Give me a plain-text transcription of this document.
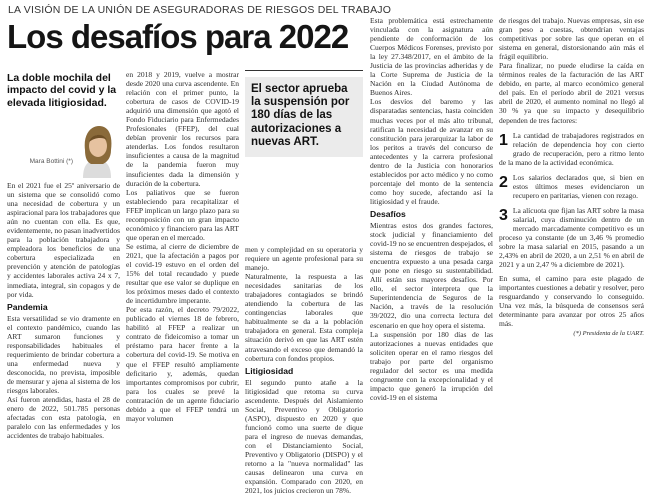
LA VISIÓN DE LA UNIÓN DE ASEGURADORAS DE RIESGOS DEL TRABAJO
Los desafíos para 2022
La doble mochila del impacto del covid y la elevada litigiosidad.
Mara Bottini (*)
El sector aprueba la suspensión por 180 días de las autorizaciones a nuevas ART.

En el 2021 fue el 25º aniversario de un sistema que se consolidó como una necesidad de cobertura y un aspiracional para los trabajadores que aún no cuentan con ella. Es que, evidentemente, no pasan inadvertidos para la población trabajadora y empleadora los beneficios de una cobertura especializada en prevención y atención de patologías y accidentes laborales activa 24 x 7, inmediata, integral, sin copagos y de por vida.

Pandemia

Esta versatilidad se vio dramente en el contexto pandémico, cuando las ART sumaron funciones y responsabilidades habituales el requerimiento de brindar cobertura a una enfermedad nueva y desconocida, no prevista, imposible de mensurar y ajena al sistema de los riesgos laborales.

Así fueron atendidas, hasta el 28 de enero de 2022, 501.785 personas afectadas con esta patología, en paralelo con las enfermedades y los accidentes de trabajo habituales.

en 2018 y 2019, vuelve a mostrar desde 2020 una curva ascendente. En relación con el primer punto, la cobertura de casos de COVID-19 adquirió una dimensión que agotó el Fondo Fiduciario para Enfermedades Profesionales (FFEP), del cual debían provenir los recursos para atenderlas. Los fondos resultaron insuficientes a causa de la magnitud de la pandemia fueron muy insuficientes dada la dimensión y duración de la cobertura.

Los paliativos que se fueron estableciendo para recapitalizar el FFEP implican un largo plazo para su recomposición con un gran impacto económico y financiero para las ART que operan en el mercado.

Se estima, al cierre de diciembre de 2021, que la afectación a pagos por el covid-19 estuvo en el orden del 15% del total recaudado y puede resultar que ese valor se duplique en los próximos meses dado el contexto de incertidumbre imperante.

Por esta razón, el decreto 79/2022, publicado el viernes 18 de febrero, habilitó al FFEP a realizar un contrato de fideicomiso a tomar un préstamo para hacer frente a la cobertura del covid-19. Se motiva en que el FFEP resultó ampliamente deficitario y, además, quedan importantes compromisos por cubrir, para los cuales se prevé la contratación de un agente fiduciario debido a que el FFEP tendrá un mayor volumen

men y complejidad en su operatoria y requiere un agente profesional para su manejo.

Naturalmente, la respuesta a las necesidades sanitarias de los trabajadores contagiados se brindó atendiendo la cobertura de las contingencias laborales que habitualmente se da a la población trabajadora en general. Esta compleja situación derivó en que las ART estén atravesando el exceso que demandó la cobertura con fondos propios.

Litigiosidad

El segundo punto atañe a la litigiosidad que retoma su curva ascendente. Después del Aislamiento Social, Preventivo y Obligatorio (ASPO), dispuesto en 2020 y que funcionó como una suerte de dique para el ingreso de nuevas demandas, con el Distanciamiento Social, Preventivo y Obligatorio (DISPO) y el retorno a la "nueva normalidad" las causas delinearon una curva en expansión. Comparado con 2020, en 2021, los juicios crecieron un 78%.

Esta problemática está estrechamente vinculada con la asignatura aún pendiente de conformación de los Cuerpos Médicos Forenses, previsto por la ley 27.348/2017, en el ámbito de la Justicia de las provincias adheridas y de la Corte Suprema de Justicia de la Nación en la Ciudad Autónoma de Buenos Aires.

Los desvíos del baremo y las disparatadas sentencias, hasta coinciden muchas veces por el más alto tribunal, ratifican la necesidad de avanzar en su constitución para jerarquizar la labor de los peritos a través del concurso de antecedentes y la carrera profesional dentro de la Justicia con honorarios establecidos por acto médico y no como porcentaje del monto de la sentencia como hoy sucede, afectando así la litigiosidad y el fraude.

Desafíos

Mientras estos dos grandes factores, stock judicial y financiamiento del covid-19 no se encuentren despejados, el sistema de riesgos de trabajo se encuentra expuesto a una pesada carga que pone en riesgo su sustentabilidad. Allí están sus mayores desafíos. Por ello, el sector interpreta que la Superintendencia de Seguros de la Nación, a través de la resolución 39/2022, dio una correcta lectura del escenario en que hoy opera el sistema.

La suspensión por 180 días de las autorizaciones a nuevas entidades que soliciten operar en el ramo riesgos del trabajo por parte del organismo regulador del sector es una medida congruente con la excepcionalidad y el impacto que generó la irrupción del covid-19 en el sistema

de riesgos del trabajo. Nuevas empresas, sin ese gran peso a cuestas, obtendrían ventajas competitivas por sobre las que operan en el sistema en general, distorsionando aún más el frágil equilibrio.

Para finalizar, no puede eludirse la caída en términos reales de la facturación de las ART debido, en parte, al marco económico general del país. En el período abril de 2021 versus abril de 2020, el aumento nominal no llegó al 30 % ya que su impacto y desequilibrio dependen de tres factores:

1 La cantidad de trabajadores registrados en relación de dependencia hoy con cierto grado de recuperación, pero a ritmo lento de la mano de la actividad económica.

2 Los salarios declarados que, si bien en estos últimos meses evidenciaron un recupero en paritarias, vienen con rezago.

3 La alícuota que fijan las ART sobre la masa salarial, cuya disminución dentro de un mercado marcadamente competitivo es un proceso ya constante (de un 3,46 % promedio sobre la masa salarial en 2015, pasando a un 2,43% en abril de 2020, a un 2,51 % en abril de 2021 y a un 2,47 % a diciembre de 2021).

En suma, el camino para este plagado de importantes cuestiones a debatir y resolver, pero resguardando y conservando lo conseguido. Una vez más, la búsqueda de consensos será determinante para avanzar por otros 25 años más.

(*) Presidenta de la UART.
